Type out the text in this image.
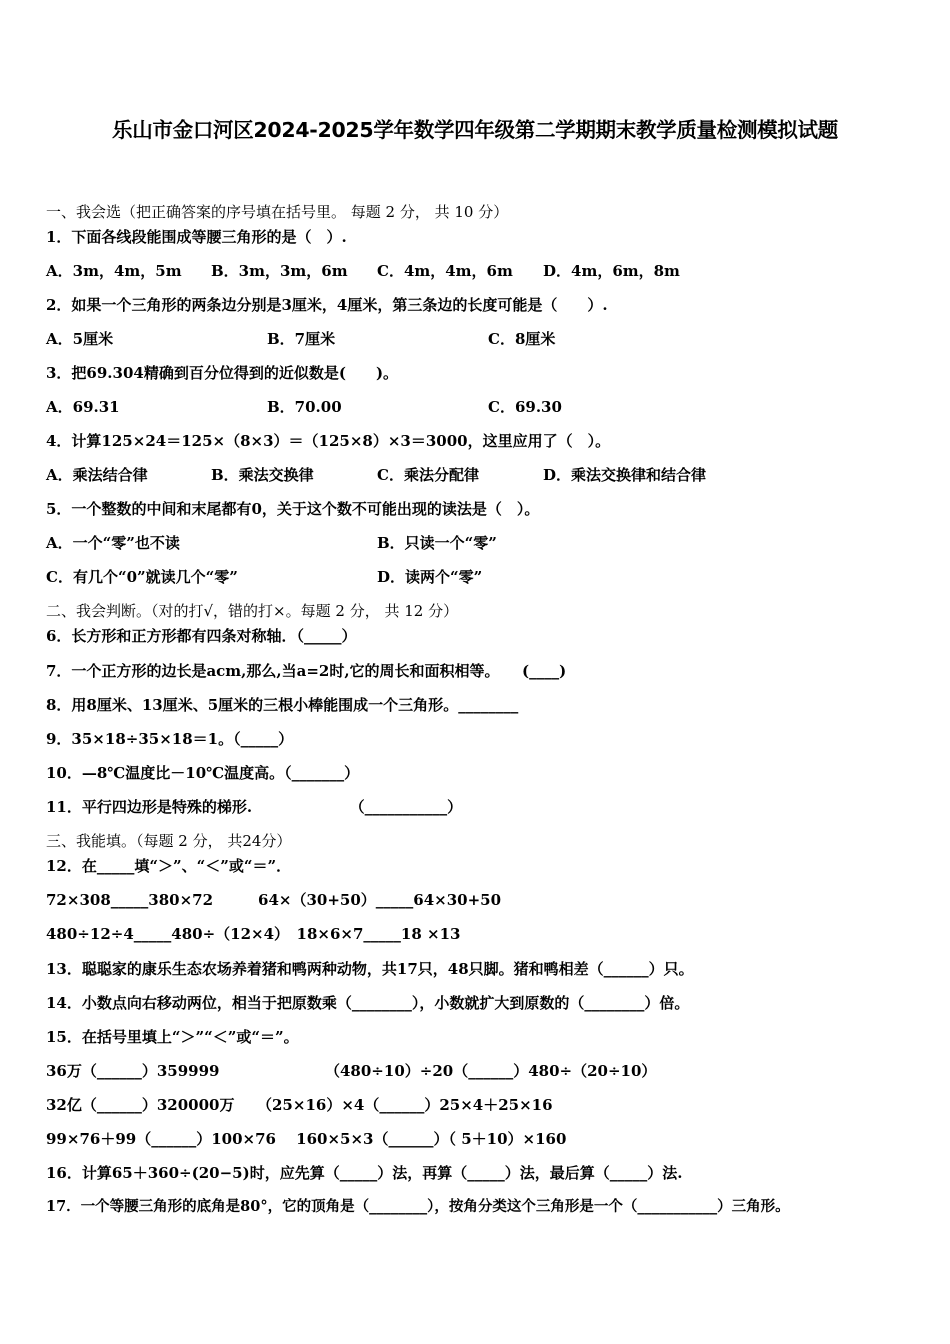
乐山市金口河区2024-2025学年数学四年级第二学期期末教学质量检测模拟试题
一、我会选（把正确答案的序号填在括号里。 每题 2 分， 共 10 分）
1．下面各线段能围成等腰三角形的是（　）.
A．3m，4m，5m B．3m，3m，6m C．4m，4m，6m D．4m，6m，8m
2．如果一个三角形的两条边分别是3厘米，4厘米，第三条边的长度可能是（　　）.
A．5厘米	B．7厘米	C．8厘米
3．把69.304精确到百分位得到的近似数是(　　)。
A．69.31	B．70.00	C．69.30
4．计算125×24＝125×（8×3）＝（125×8）×3＝3000，这里应用了（　）。
A．乘法结合律	B．乘法交换律	C．乘法分配律	D．乘法交换律和结合律
5．一个整数的中间和末尾都有0，关于这个数不可能出现的读法是（　）。
A．一个“零”也不读	B．只读一个“零”
C．有几个“0”就读几个“零”	D．读两个“零”
二、我会判断。（对的打√，错的打×。每题 2 分， 共 12 分）
6．长方形和正方形都有四条对称轴．（_____）
7．一个正方形的边长是acm,那么,当a=2时,它的周长和面积相等。　　(____)
8．用8厘米、13厘米、5厘米的三根小棒能围成一个三角形。________
9．35×18÷35×18＝1。（_____）
10．—8℃温度比－10℃温度高。（_______）
11．平行四边形是特殊的梯形.　　　　　　　（___________）
三、我能填。（每题 2 分， 共24分）
12．在_____填“＞”、“＜”或“＝”．
72×308_____380×72　　　64×（30+50）_____64×30+50
480÷12÷4_____480÷（12×4）　18×6×7_____18 ×13
13．聪聪家的康乐生态农场养着猪和鸭两种动物，共17只，48只脚。猪和鸭相差（______）只。
14．小数点向右移动两位，相当于把原数乘（________），小数就扩大到原数的（________）倍。
15．在括号里填上“＞”“＜”或“＝”。
36万（______）359999	（480÷10）÷20（______）480÷（20÷10）
32亿（______）320000万　　（25×16）×4（______）25×4＋25×16
99×76＋99（______）100×76　 160×5×3（______）（ 5＋10）×160
16．计算65＋360÷(20−5)时，应先算（_____）法，再算（_____）法，最后算（_____）法.
17．一个等腰三角形的底角是80°，它的顶角是（________），按角分类这个三角形是一个（___________）三角形。
